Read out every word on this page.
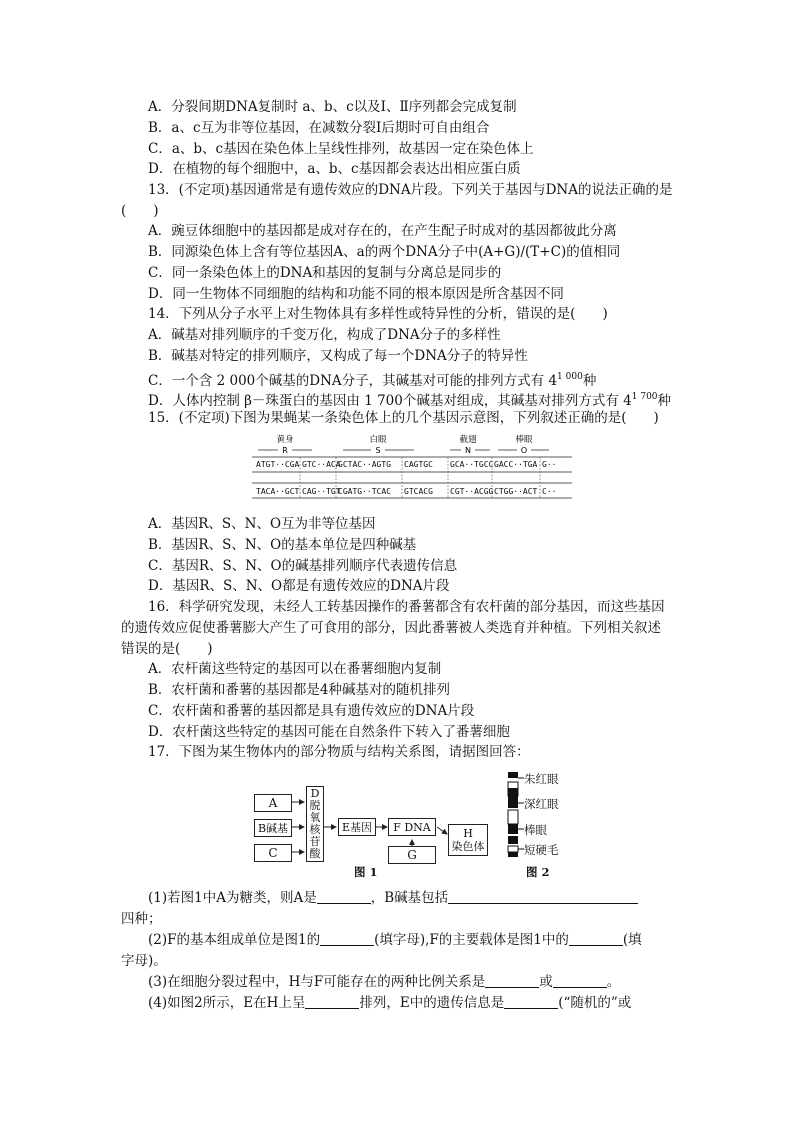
A．分裂间期DNA复制时 a、b、c以及Ⅰ、Ⅱ序列都会完成复制
B．a、c互为非等位基因，在减数分裂Ⅰ后期时可自由组合
C．a、b、c基因在染色体上呈线性排列，故基因一定在染色体上
D．在植物的每个细胞中，a、b、c基因都会表达出相应蛋白质
13．(不定项)基因通常是有遗传效应的DNA片段。下列关于基因与DNA的说法正确的是
(　　)
A．豌豆体细胞中的基因都是成对存在的，在产生配子时成对的基因都彼此分离
B．同源染色体上含有等位基因A、a的两个DNA分子中(A+G)/(T+C)的值相同
C．同一条染色体上的DNA和基因的复制与分离总是同步的
D．同一生物体不同细胞的结构和功能不同的根本原因是所含基因不同
14．下列从分子水平上对生物体具有多样性或特异性的分析，错误的是(　　)
A．碱基对排列顺序的千变万化，构成了DNA分子的多样性
B．碱基对特定的排列顺序，又构成了每一个DNA分子的特异性
C．一个含 2 000个碱基的DNA分子，其碱基对可能的排列方式有 $4^{1 000}$种
D．人体内控制 β－珠蛋白的基因由 1 700个碱基对组成，其碱基对排列方式有 $4^{1 700}$种
15．(不定项)下图为果蝇某一条染色体上的几个基因示意图，下列叙述正确的是(　　)
黄身	白眼	截翅	棒眼
R	S	N	O
ATGT··CGA GTC··ACA
GCTAC··AGTG CAGTGC GCA··TGCC GACC··TGA G··
TACA··GCT CAG··TGT
CGATG··TCAC GTCACG CGT··ACGG CTGG··ACT C··
A．基因R、S、N、O互为非等位基因
B．基因R、S、N、O的基本单位是四种碱基
C．基因R、S、N、O的碱基排列顺序代表遗传信息
D．基因R、S、N、O都是有遗传效应的DNA片段
16．科学研究发现，未经人工转基因操作的番薯都含有农杆菌的部分基因，而这些基因
的遗传效应促使番薯膨大产生了可食用的部分，因此番薯被人类选育并种植。下列相关叙述
错误的是(　　)
A．农杆菌这些特定的基因可以在番薯细胞内复制
B．农杆菌和番薯的基因都是4种碱基对的随机排列
C．农杆菌和番薯的基因都是具有遗传效应的DNA片段
D．农杆菌这些特定的基因可能在自然条件下转入了番薯细胞
17．下图为某生物体内的部分物质与结构关系图，请据图回答：
A
B碱基
C
D
脱
氧
核
苷
酸
E基因	F DNA
G
H
染色体
图 1
朱红眼
深红眼
棒眼
短硬毛
图 2
(1)若图1中A为糖类，则A是	，B碱基包括
四种；
(2)F的基本组成单位是图1的	(填字母),F的主要载体是图1中的	(填
字母)。
(3)在细胞分裂过程中，H与F可能存在的两种比例关系是	或	。
(4)如图2所示，E在H上呈	排列，E中的遗传信息是	(“随机的”或
